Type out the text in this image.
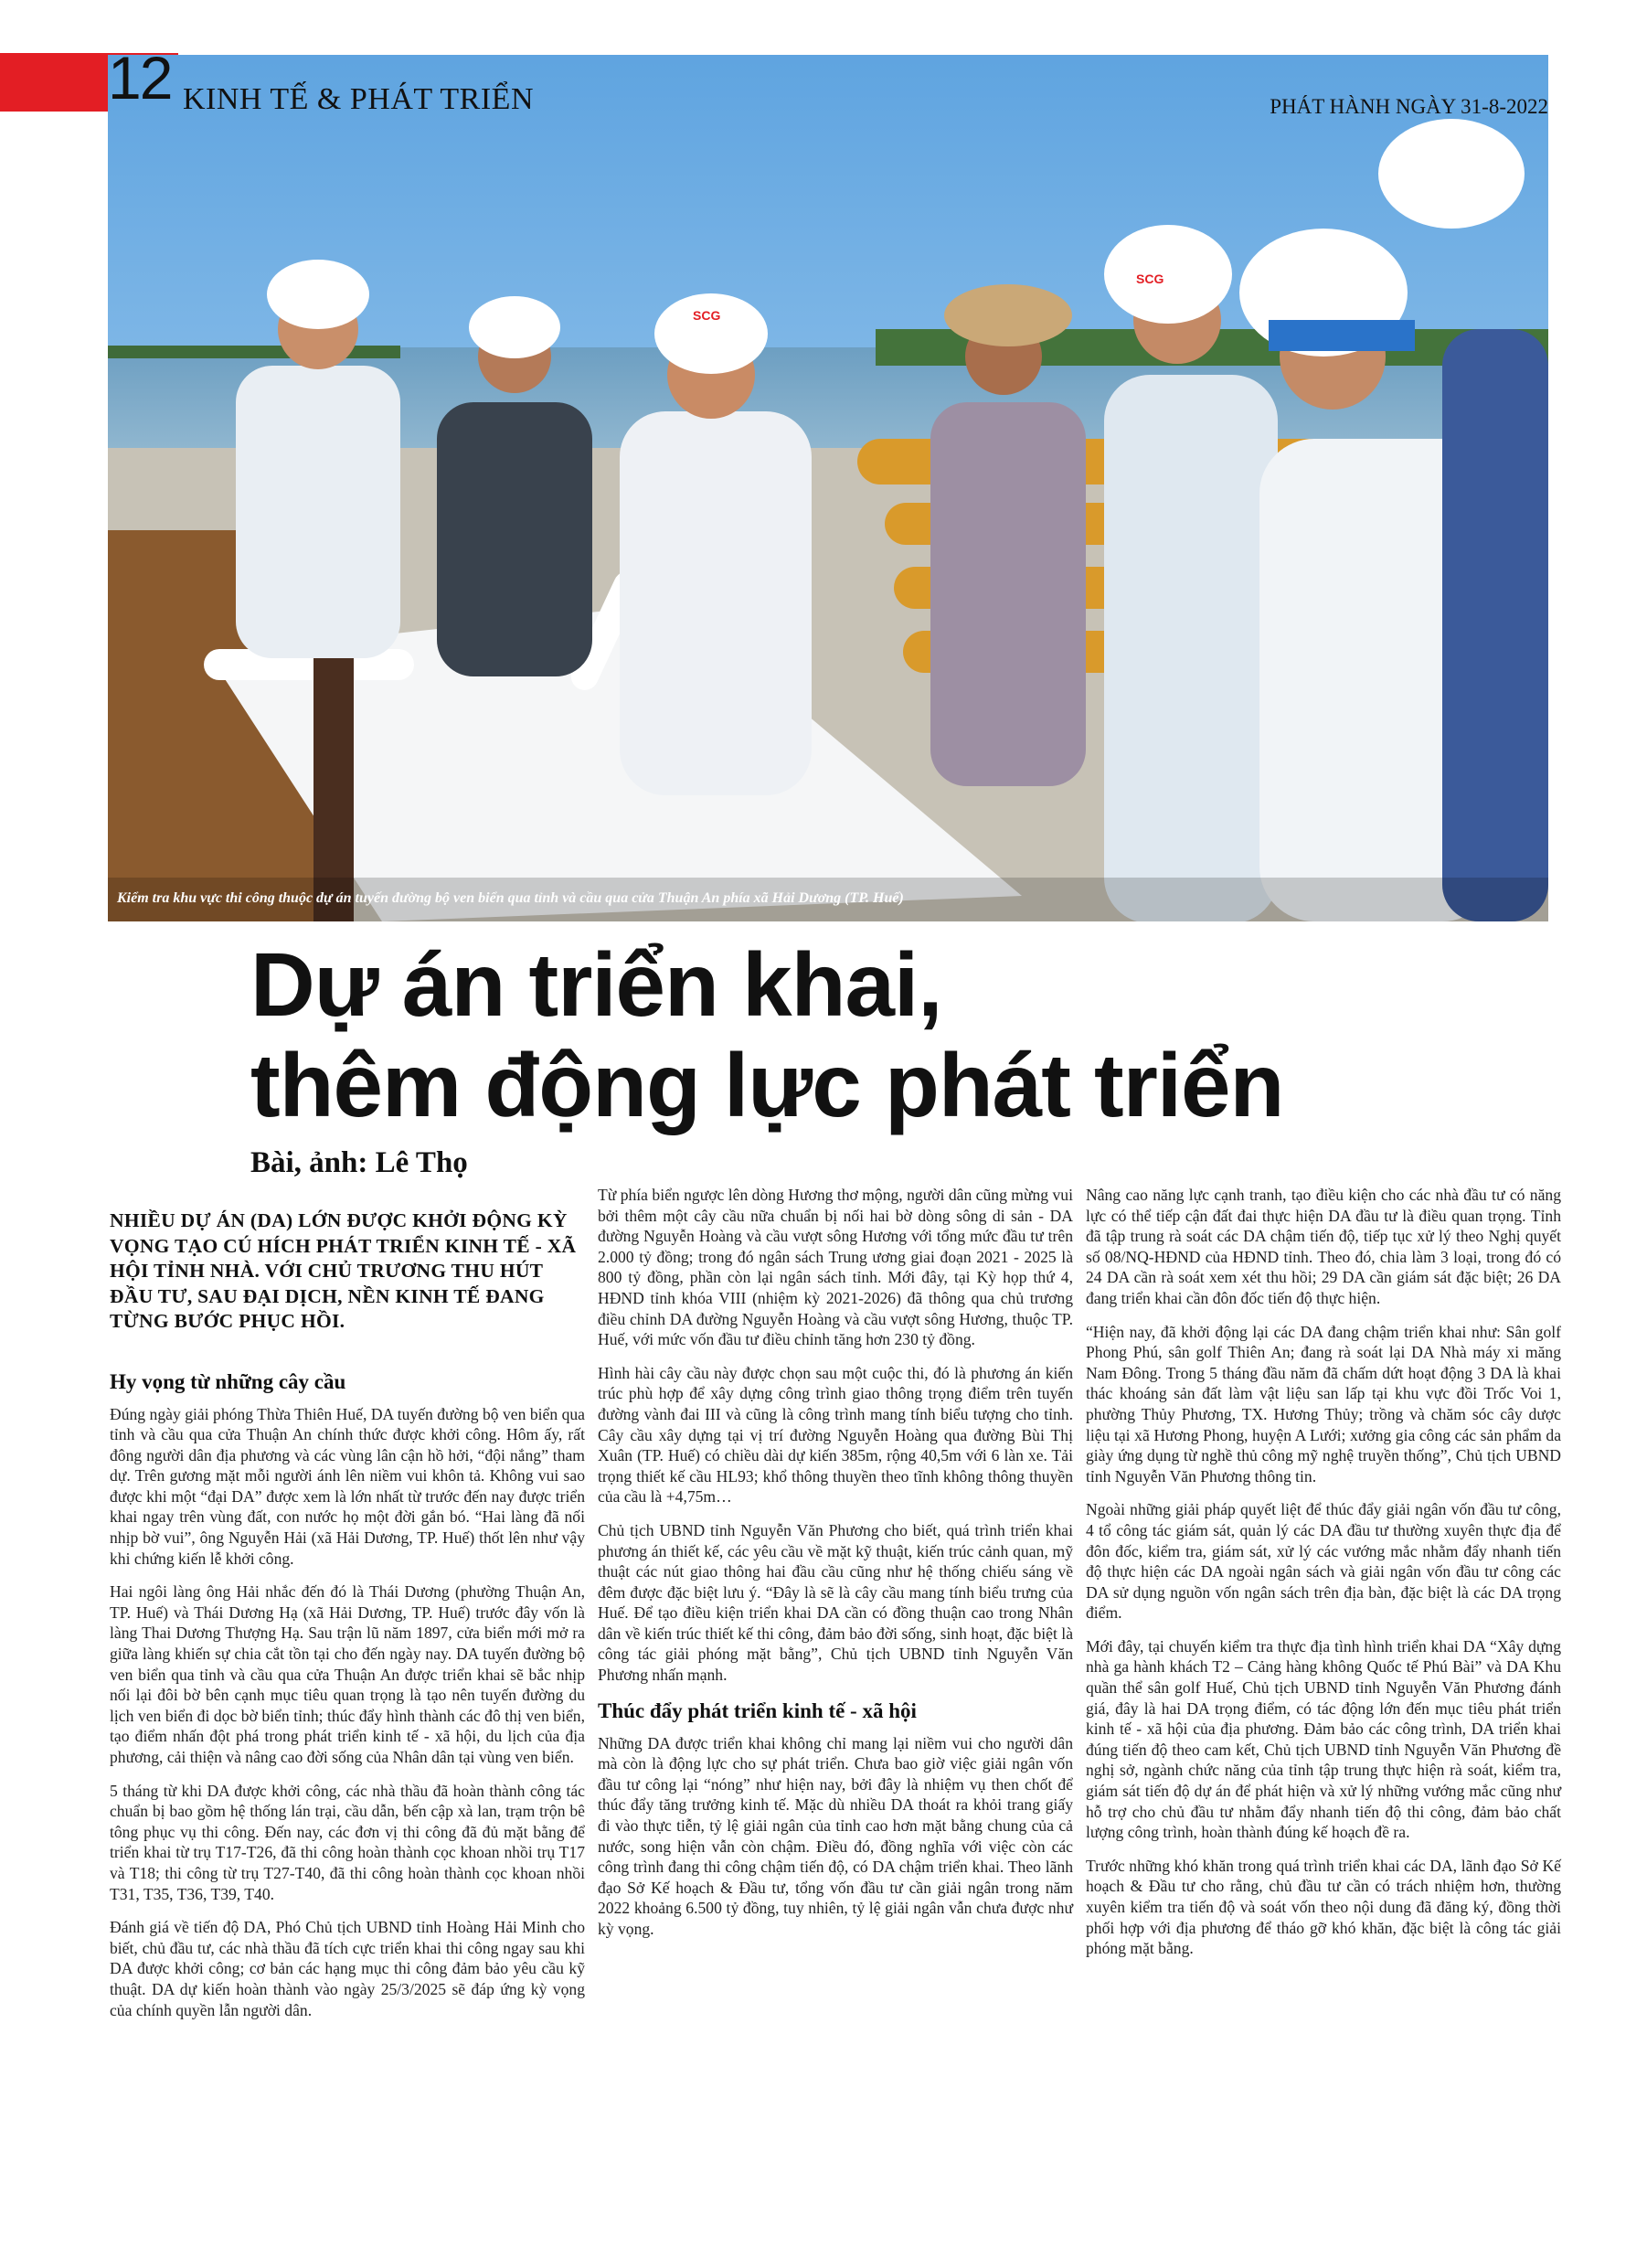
SCG
SCG
12 KINH TẾ & PHÁT TRIỂN	PHÁT HÀNH NGÀY 31-8-2022
Kiểm tra khu vực thi công thuộc dự án tuyến đường bộ ven biển qua tỉnh và cầu qua cửa Thuận An phía xã Hải Dương (TP. Huế)
Dự án triển khai,
thêm động lực phát triển
Bài, ảnh: Lê Thọ

NHIỀU DỰ ÁN (DA) LỚN ĐƯỢC KHỞI ĐỘNG KỲ VỌNG TẠO CÚ HÍCH PHÁT TRIỂN KINH TẾ - XÃ HỘI TỈNH NHÀ. VỚI CHỦ TRƯƠNG THU HÚT ĐẦU TƯ, SAU ĐẠI DỊCH, NỀN KINH TẾ ĐANG TỪNG BƯỚC PHỤC HỒI.

Hy vọng từ những cây cầu

Đúng ngày giải phóng Thừa Thiên Huế, DA tuyến đường bộ ven biển qua tỉnh và cầu qua cửa Thuận An chính thức được khởi công. Hôm ấy, rất đông người dân địa phương và các vùng lân cận hồ hởi, “đội nắng” tham dự. Trên gương mặt mỗi người ánh lên niềm vui khôn tả. Không vui sao được khi một “đại DA” được xem là lớn nhất từ trước đến nay được triển khai ngay trên vùng đất, con nước họ một đời gắn bó. “Hai làng đã nối nhịp bờ vui”, ông Nguyễn Hải (xã Hải Dương, TP. Huế) thốt lên như vậy khi chứng kiến lễ khởi công.

Hai ngôi làng ông Hải nhắc đến đó là Thái Dương (phường Thuận An, TP. Huế) và Thái Dương Hạ (xã Hải Dương, TP. Huế) trước đây vốn là làng Thai Dương Thượng Hạ. Sau trận lũ năm 1897, cửa biển mới mở ra giữa làng khiến sự chia cắt tồn tại cho đến ngày nay. DA tuyến đường bộ ven biển qua tỉnh và cầu qua cửa Thuận An được triển khai sẽ bắc nhịp nối lại đôi bờ bên cạnh mục tiêu quan trọng là tạo nên tuyến đường du lịch ven biển đi dọc bờ biển tỉnh; thúc đẩy hình thành các đô thị ven biển, tạo điểm nhấn đột phá trong phát triển kinh tế - xã hội, du lịch của địa phương, cải thiện và nâng cao đời sống của Nhân dân tại vùng ven biển.

5 tháng từ khi DA được khởi công, các nhà thầu đã hoàn thành công tác chuẩn bị bao gồm hệ thống lán trại, cầu dẫn, bến cập xà lan, trạm trộn bê tông phục vụ thi công. Đến nay, các đơn vị thi công đã đủ mặt bằng để triển khai từ trụ T17-T26, đã thi công hoàn thành cọc khoan nhồi trụ T17 và T18; thi công từ trụ T27-T40, đã thi công hoàn thành cọc khoan nhồi T31, T35, T36, T39, T40.

Đánh giá về tiến độ DA, Phó Chủ tịch UBND tỉnh Hoàng Hải Minh cho biết, chủ đầu tư, các nhà thầu đã tích cực triển khai thi công ngay sau khi DA được khởi công; cơ bản các hạng mục thi công đảm bảo yêu cầu kỹ thuật. DA dự kiến hoàn thành vào ngày 25/3/2025 sẽ đáp ứng kỳ vọng của chính quyền lẫn người dân.

Từ phía biển ngược lên dòng Hương thơ mộng, người dân cũng mừng vui bởi thêm một cây cầu nữa chuẩn bị nối hai bờ dòng sông di sản - DA đường Nguyễn Hoàng và cầu vượt sông Hương với tổng mức đầu tư trên 2.000 tỷ đồng; trong đó ngân sách Trung ương giai đoạn 2021 - 2025 là 800 tỷ đồng, phần còn lại ngân sách tỉnh. Mới đây, tại Kỳ họp thứ 4, HĐND tỉnh khóa VIII (nhiệm kỳ 2021-2026) đã thông qua chủ trương điều chỉnh DA đường Nguyễn Hoàng và cầu vượt sông Hương, thuộc TP. Huế, với mức vốn đầu tư điều chỉnh tăng hơn 230 tỷ đồng.

Hình hài cây cầu này được chọn sau một cuộc thi, đó là phương án kiến trúc phù hợp để xây dựng công trình giao thông trọng điểm trên tuyến đường vành đai III và cũng là công trình mang tính biểu tượng cho tỉnh. Cây cầu xây dựng tại vị trí đường Nguyễn Hoàng qua đường Bùi Thị Xuân (TP. Huế) có chiều dài dự kiến 385m, rộng 40,5m với 6 làn xe. Tải trọng thiết kế cầu HL93; khổ thông thuyền theo tĩnh không thông thuyền của cầu là +4,75m…

Chủ tịch UBND tỉnh Nguyễn Văn Phương cho biết, quá trình triển khai phương án thiết kế, các yêu cầu về mặt kỹ thuật, kiến trúc cảnh quan, mỹ thuật các nút giao thông hai đầu cầu cũng như hệ thống chiếu sáng về đêm được đặc biệt lưu ý. “Đây là sẽ là cây cầu mang tính biểu trưng của Huế. Để tạo điều kiện triển khai DA cần có đồng thuận cao trong Nhân dân về kiến trúc thiết kế thi công, đảm bảo đời sống, sinh hoạt, đặc biệt là công tác giải phóng mặt bằng”, Chủ tịch UBND tỉnh Nguyễn Văn Phương nhấn mạnh.

Thúc đẩy phát triển kinh tế - xã hội

Những DA được triển khai không chỉ mang lại niềm vui cho người dân mà còn là động lực cho sự phát triển. Chưa bao giờ việc giải ngân vốn đầu tư công lại “nóng” như hiện nay, bởi đây là nhiệm vụ then chốt để thúc đẩy tăng trưởng kinh tế. Mặc dù nhiều DA thoát ra khỏi trang giấy đi vào thực tiễn, tỷ lệ giải ngân của tỉnh cao hơn mặt bằng chung của cả nước, song hiện vẫn còn chậm. Điều đó, đồng nghĩa với việc còn các công trình đang thi công chậm tiến độ, có DA chậm triển khai. Theo lãnh đạo Sở Kế hoạch & Đầu tư, tổng vốn đầu tư cần giải ngân trong năm 2022 khoảng 6.500 tỷ đồng, tuy nhiên, tỷ lệ giải ngân vẫn chưa được như kỳ vọng.

Nâng cao năng lực cạnh tranh, tạo điều kiện cho các nhà đầu tư có năng lực có thể tiếp cận đất đai thực hiện DA đầu tư là điều quan trọng. Tỉnh đã tập trung rà soát các DA chậm tiến độ, tiếp tục xử lý theo Nghị quyết số 08/NQ-HĐND của HĐND tỉnh. Theo đó, chia làm 3 loại, trong đó có 24 DA cần rà soát xem xét thu hồi; 29 DA cần giám sát đặc biệt; 26 DA đang triển khai cần đôn đốc tiến độ thực hiện.

“Hiện nay, đã khởi động lại các DA đang chậm triển khai như: Sân golf Phong Phú, sân golf Thiên An; đang rà soát lại DA Nhà máy xi măng Nam Đông. Trong 5 tháng đầu năm đã chấm dứt hoạt động 3 DA là khai thác khoáng sản đất làm vật liệu san lấp tại khu vực đồi Trốc Voi 1, phường Thủy Phương, TX. Hương Thủy; trồng và chăm sóc cây dược liệu tại xã Hương Phong, huyện A Lưới; xưởng gia công các sản phẩm da giày ứng dụng từ nghề thủ công mỹ nghệ truyền thống”, Chủ tịch UBND tỉnh Nguyễn Văn Phương thông tin.

Ngoài những giải pháp quyết liệt để thúc đẩy giải ngân vốn đầu tư công, 4 tổ công tác giám sát, quản lý các DA đầu tư thường xuyên thực địa để đôn đốc, kiểm tra, giám sát, xử lý các vướng mắc nhằm đẩy nhanh tiến độ thực hiện các DA ngoài ngân sách và giải ngân vốn đầu tư công các DA sử dụng nguồn vốn ngân sách trên địa bàn, đặc biệt là các DA trọng điểm.

Mới đây, tại chuyến kiểm tra thực địa tình hình triển khai DA “Xây dựng nhà ga hành khách T2 – Cảng hàng không Quốc tế Phú Bài” và DA Khu quần thể sân golf Huế, Chủ tịch UBND tỉnh Nguyễn Văn Phương đánh giá, đây là hai DA trọng điểm, có tác động lớn đến mục tiêu phát triển kinh tế - xã hội của địa phương. Đảm bảo các công trình, DA triển khai đúng tiến độ theo cam kết, Chủ tịch UBND tỉnh Nguyễn Văn Phương đề nghị sở, ngành chức năng của tỉnh tập trung thực hiện rà soát, kiểm tra, giám sát tiến độ dự án để phát hiện và xử lý những vướng mắc cũng như hỗ trợ cho chủ đầu tư nhằm đẩy nhanh tiến độ thi công, đảm bảo chất lượng công trình, hoàn thành đúng kế hoạch đề ra.

Trước những khó khăn trong quá trình triển khai các DA, lãnh đạo Sở Kế hoạch & Đầu tư cho rằng, chủ đầu tư cần có trách nhiệm hơn, thường xuyên kiểm tra tiến độ và soát vốn theo nội dung đã đăng ký, đồng thời phối hợp với địa phương để tháo gỡ khó khăn, đặc biệt là công tác giải phóng mặt bằng.
